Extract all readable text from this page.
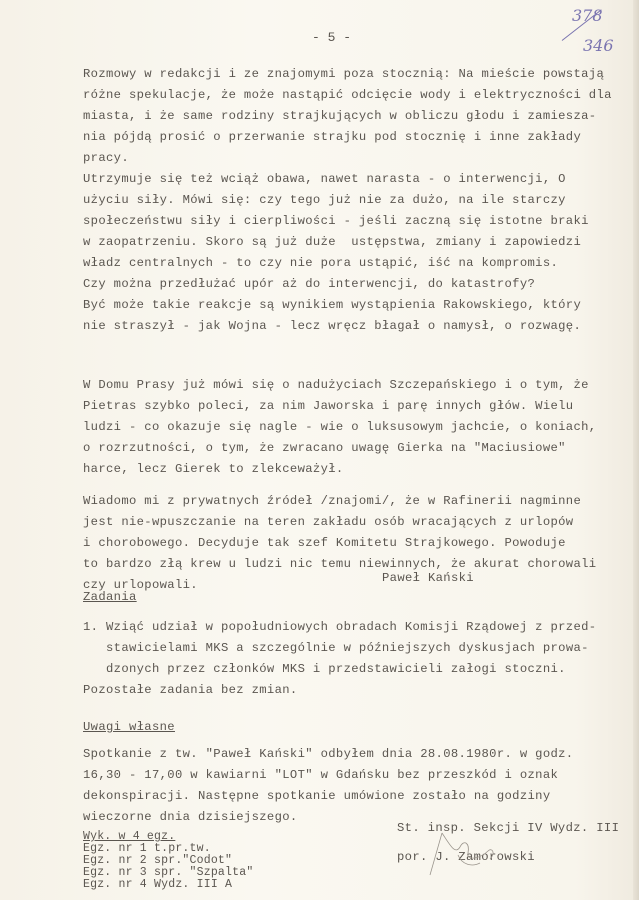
- 5 -
378
346
Rozmowy w redakcji i ze znajomymi poza stocznią: Na mieście powstają
różne spekulacje, że może nastąpić odcięcie wody i elektryczności dla
miasta, i że same rodziny strajkujących w obliczu głodu i zamiesza-
nia pójdą prosić o przerwanie strajku pod stocznię i inne zakłady
pracy.
Utrzymuje się też wciąż obawa, nawet narasta - o interwencji, O
użyciu siły. Mówi się: czy tego już nie za dużo, na ile starczy
społeczeństwu siły i cierpliwości - jeśli zaczną się istotne braki
w zaopatrzeniu. Skoro są już duże  ustępstwa, zmiany i zapowiedzi
władz centralnych - to czy nie pora ustąpić, iść na kompromis.
Czy można przedłużać upór aż do interwencji, do katastrofy?
Być może takie reakcje są wynikiem wystąpienia Rakowskiego, który
nie straszył - jak Wojna - lecz wręcz błagał o namysł, o rozwagę.
W Domu Prasy już mówi się o nadużyciach Szczepańskiego i o tym, że
Pietras szybko poleci, za nim Jaworska i parę innych głów. Wielu
ludzi - co okazuje się nagle - wie o luksusowym jachcie, o koniach,
o rozrzutności, o tym, że zwracano uwagę Gierka na "Maciusiowe"
harce, lecz Gierek to zlekceważył.
Wiadomo mi z prywatnych źródeł /znajomi/, że w Rafinerii nagminne
jest nie-wpuszczanie na teren zakładu osób wracających z urlopów
i chorobowego. Decyduje tak szef Komitetu Strajkowego. Powoduje
to bardzo złą krew u ludzi nic temu niewinnych, że akurat chorowali
czy urlopowali.	Paweł Kański
Zadania
1. Wziąć udział w popołudniowych obradach Komisji Rządowej z przed-
stawicielami MKS a szczególnie w późniejszych dyskusjach prowa-
dzonych przez członków MKS i przedstawicieli załogi stoczni.
Pozostałe zadania bez zmian.
Uwagi własne
Spotkanie z tw. "Paweł Kański" odbyłem dnia 28.08.1980r. w godz.
16,30 - 17,00 w kawiarni "LOT" w Gdańsku bez przeszkód i oznak
dekonspiracji. Następne spotkanie umówione zostało na godziny
wieczorne dnia dzisiejszego.
Wyk. w 4 egz.
Egz. nr 1 t.pr.tw.
Egz. nr 2 spr."Codot"
Egz. nr 3 spr. "Szpalta"
Egz. nr 4 Wydz. III A
St. insp. Sekcji IV Wydz. III
por. J. Zamorowski
